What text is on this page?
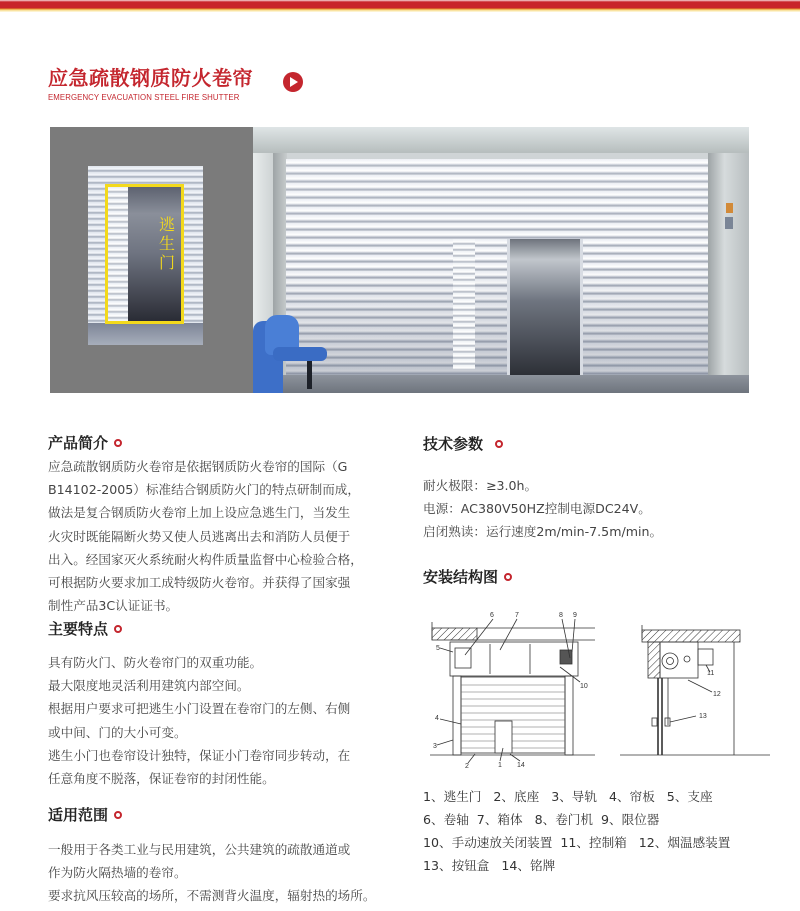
应急疏散钢质防火卷帘
EMERGENCY EVACUATION STEEL FIRE SHUTTER
逃生门
产品简介
应急疏散钢质防火卷帘是依据钢质防火卷帘的国际（G
B14102-2005）标准结合钢质防火门的特点研制而成，
做法是复合钢质防火卷帘上加上设应急逃生门，当发生
火灾时既能隔断火势又使人员逃离出去和消防人员便于
出入。经国家灭火系统耐火构件质量监督中心检验合格，
可根据防火要求加工成特级防火卷帘。并获得了国家强
制性产品3C认证证书。
主要特点
具有防火门、防火卷帘门的双重功能。
最大限度地灵活利用建筑内部空间。
根据用户要求可把逃生小门设置在卷帘门的左侧、右侧
或中间、门的大小可变。
逃生小门也卷帘设计独特，保证小门卷帘同步转动，在
任意角度不脱落，保证卷帘的封闭性能。
适用范围
一般用于各类工业与民用建筑，公共建筑的疏散通道或
作为防火隔热墙的卷帘。
要求抗风压较高的场所，不需测背火温度，辐射热的场所。
技术参数
耐火极限：≥3.0h。
电源：AC380V50HZ控制电源DC24V。
启闭熟读：运行速度2m/min-7.5m/min。
安装结构图
6	7	8 9
5
10
4
3
2	1 14
11
12
13
1、逃生门   2、底座   3、导轨   4、帘板   5、支座
6、卷轴  7、箱体   8、卷门机  9、限位器
10、手动速放关闭装置  11、控制箱   12、烟温感装置
13、按钮盒   14、铭牌
